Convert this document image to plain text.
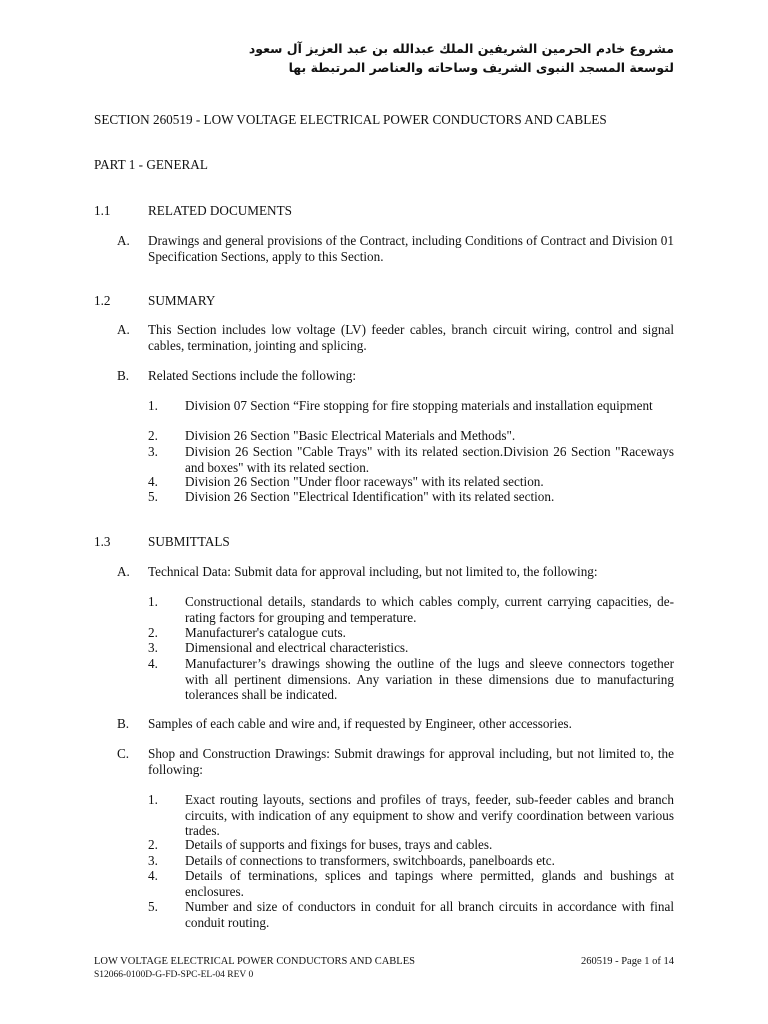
مشروع خادم الحرمين الشريفين الملك عبدالله بن عبد العزيز آل سعود
لتوسعة المسجد النبوى الشريف وساحاته والعناصر المرتبطة بها
SECTION 260519 - LOW VOLTAGE ELECTRICAL POWER CONDUCTORS AND CABLES
PART 1 - GENERAL
1.1	RELATED DOCUMENTS
A. Drawings and general provisions of the Contract, including Conditions of Contract and Division 01 Specification Sections, apply to this Section.
1.2	SUMMARY
A. This Section includes low voltage (LV) feeder cables, branch circuit wiring, control and signal cables, termination, jointing and splicing.
B. Related Sections include the following:
1. Division 07 Section “Fire stopping for fire stopping materials and installation equipment
2. Division 26 Section "Basic Electrical Materials and Methods".
3. Division 26 Section "Cable Trays" with its related section.Division 26 Section "Raceways and boxes" with its related section.
4. Division 26 Section "Under floor raceways" with its related section.
5. Division 26 Section "Electrical Identification" with its related section.
1.3	SUBMITTALS
A. Technical Data: Submit data for approval including, but not limited to, the following:
1. Constructional details, standards to which cables comply, current carrying capacities, de-rating factors for grouping and temperature.
2. Manufacturer's catalogue cuts.
3. Dimensional and electrical characteristics.
4. Manufacturer’s drawings showing the outline of the lugs and sleeve connectors together with all pertinent dimensions. Any variation in these dimensions due to manufacturing tolerances shall be indicated.
B. Samples of each cable and wire and, if requested by Engineer, other accessories.
C. Shop and Construction Drawings: Submit drawings for approval including, but not limited to, the following:
1. Exact routing layouts, sections and profiles of trays, feeder, sub-feeder cables and branch circuits, with indication of any equipment to show and verify coordination between various trades.
2. Details of supports and fixings for buses, trays and cables.
3. Details of connections to transformers, switchboards, panelboards etc.
4. Details of terminations, splices and tapings where permitted, glands and bushings at enclosures.
5. Number and size of conductors in conduit for all branch circuits in accordance with final conduit routing.
LOW VOLTAGE ELECTRICAL POWER CONDUCTORS AND CABLES	260519 - Page 1 of 14
S12066-0100D-G-FD-SPC-EL-04 REV 0
